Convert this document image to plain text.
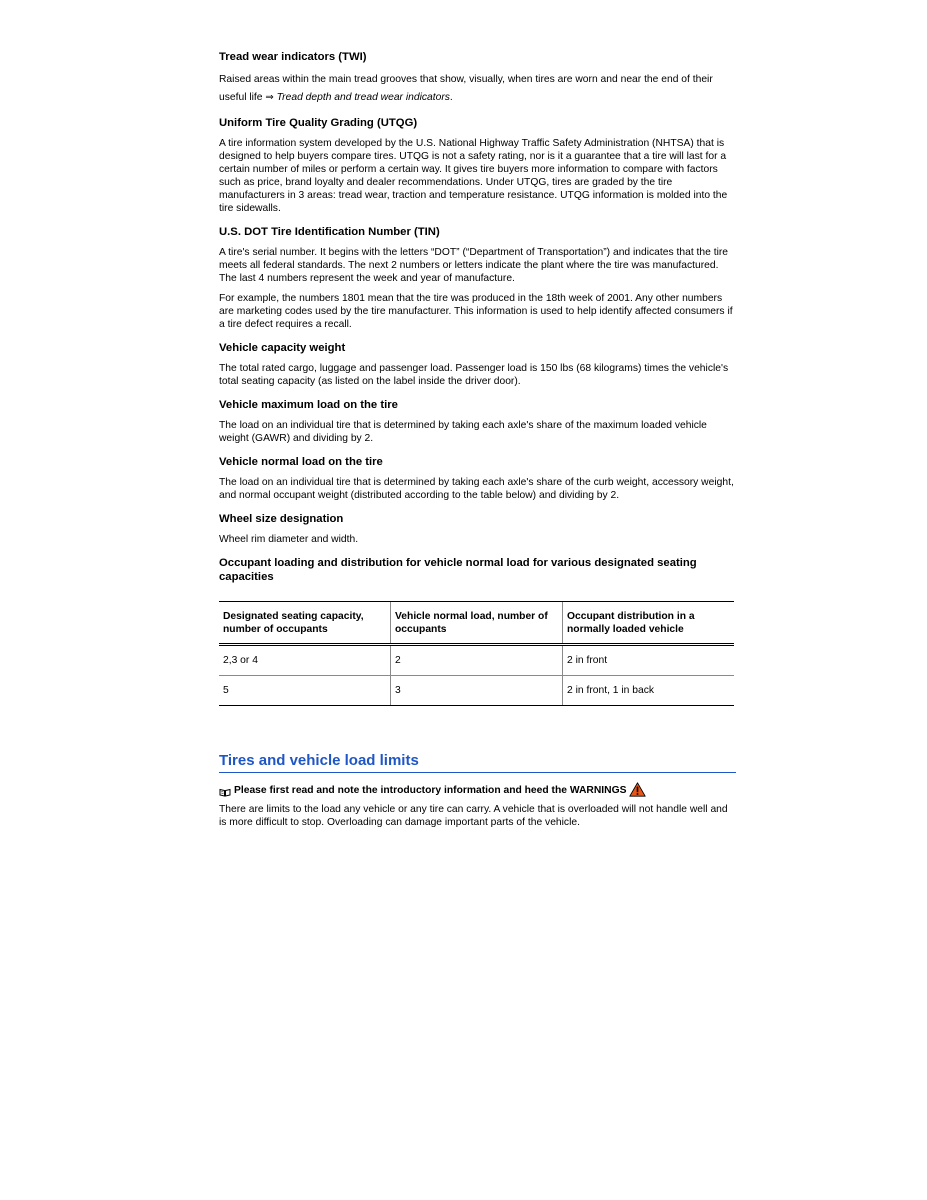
Tread wear indicators (TWI)

Raised areas within the main tread grooves that show, visually, when tires are worn and near the end of their useful life ⇒ Tread depth and tread wear indicators.

Uniform Tire Quality Grading (UTQG)

A tire information system developed by the U.S. National Highway Traffic Safety Administration (NHTSA) that is designed to help buyers compare tires. UTQG is not a safety rating, nor is it a guarantee that a tire will last for a certain number of miles or perform a certain way. It gives tire buyers more information to compare with factors such as price, brand loyalty and dealer recommendations. Under UTQG, tires are graded by the tire manufacturers in 3 areas: tread wear, traction and temperature resistance. UTQG information is molded into the tire sidewalls.

U.S. DOT Tire Identification Number (TIN)

A tire's serial number. It begins with the letters “DOT” (“Department of Transportation”) and indicates that the tire meets all federal standards. The next 2 numbers or letters indicate the plant where the tire was manufactured. The last 4 numbers represent the week and year of manufacture.

For example, the numbers 1801 mean that the tire was produced in the 18th week of 2001. Any other numbers are marketing codes used by the tire manufacturer. This information is used to help identify affected consumers if a tire defect requires a recall.

Vehicle capacity weight

The total rated cargo, luggage and passenger load. Passenger load is 150 lbs (68 kilograms) times the vehicle's total seating capacity (as listed on the label inside the driver door).

Vehicle maximum load on the tire

The load on an individual tire that is determined by taking each axle's share of the maximum loaded vehicle weight (GAWR) and dividing by 2.

Vehicle normal load on the tire

The load on an individual tire that is determined by taking each axle's share of the curb weight, accessory weight, and normal occupant weight (distributed according to the table below) and dividing by 2.

Wheel size designation

Wheel rim diameter and width.

Occupant loading and distribution for vehicle normal load for various designated seating capacities
Designated seating capacity, number of occupants	Vehicle normal load, number of occupants	Occupant distribution in a normally loaded vehicle
2,3 or 4	2	2 in front
5	3	2 in front, 1 in back
Tires and vehicle load limits
Please first read and note the introductory information and heed the WARNINGS

There are limits to the load any vehicle or any tire can carry. A vehicle that is overloaded will not handle well and is more difficult to stop. Overloading can damage important parts of the vehicle.
